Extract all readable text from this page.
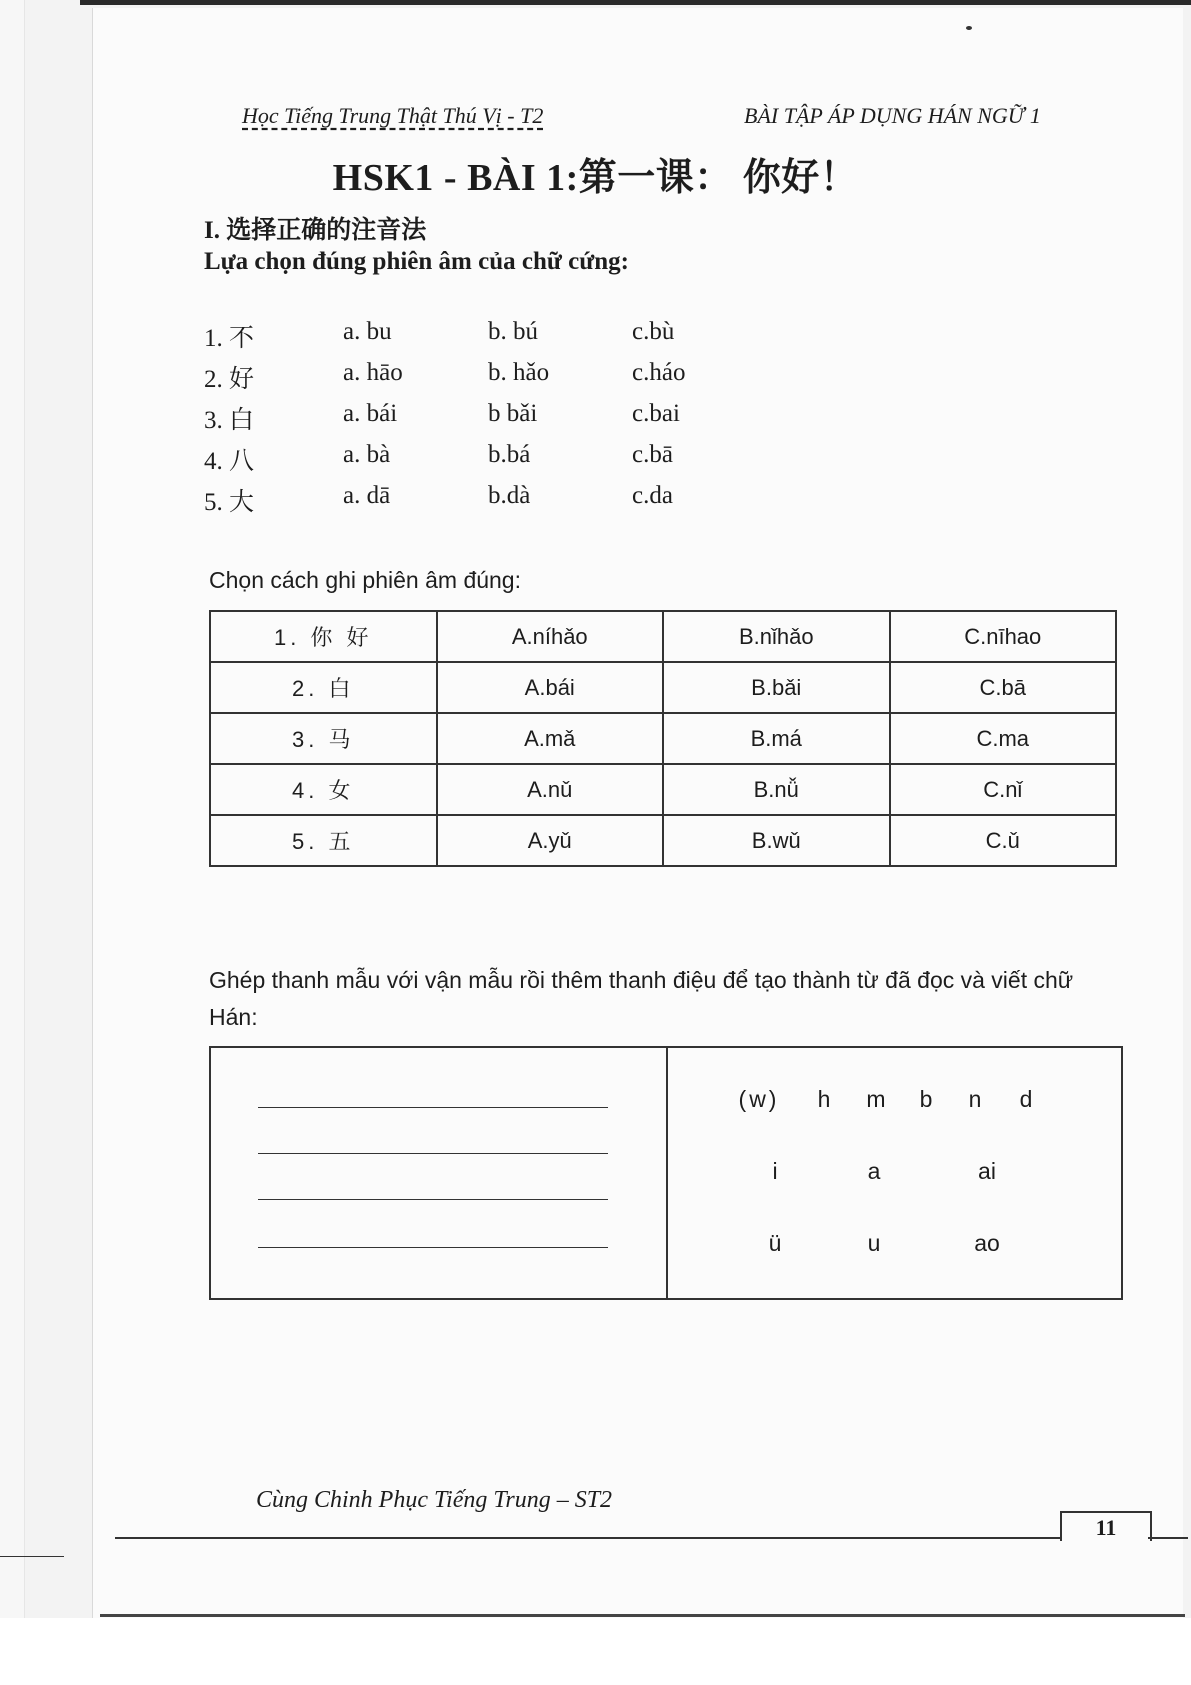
Học Tiếng Trung Thật Thú Vị - T2	BÀI TẬP ÁP DỤNG HÁN NGỮ 1
HSK1 - BÀI 1:第一课： 你好！
I. 选择正确的注音法
Lựa chọn đúng phiên âm của chữ cứng:
1. 不	a. bu	b. bú	c.bù
2. 好	a. hāo	b. hǎo	c.háo
3. 白	a. bái	b bǎi	c.bai
4. 八	a. bà	b.bá	c.bā
5. 大	a. dā	b.dà	c.da
Chọn cách ghi phiên âm đúng:
1. 你 好	A.níhǎo	B.nǐhǎo	C.nīhao
2. 白	A.bái	B.bǎi	C.bā
3. 马	A.mǎ	B.má	C.ma
4. 女	A.nǔ	B.nǚ	C.nǐ
5. 五	A.yǔ	B.wǔ	C.ǔ
Ghép thanh mẫu với vận mẫu rồi thêm thanh điệu để tạo thành từ đã đọc và viết chữ Hán:
(w) h m b n d
i	a	ai
ü	u	ao
Cùng Chinh Phục Tiếng Trung – ST2
11
